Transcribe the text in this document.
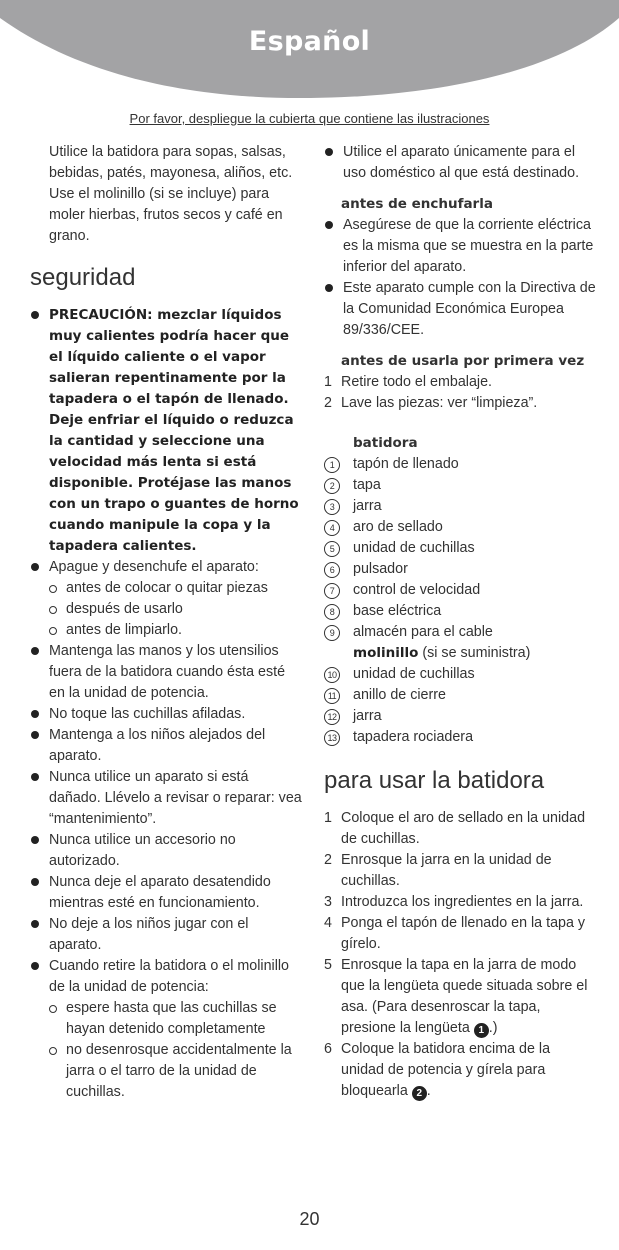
Español
Por favor, despliegue la cubierta que contiene las ilustraciones
Utilice la batidora para sopas, salsas, bebidas, patés, mayonesa, aliños, etc. Use el molinillo (si se incluye) para moler hierbas, frutos secos y café en grano.
seguridad
PRECAUCIÓN: mezclar líquidos muy calientes podría hacer que el líquido caliente o el vapor salieran repentinamente por la tapadera o el tapón de llenado. Deje enfriar el líquido o reduzca la cantidad y seleccione una velocidad más lenta si está disponible. Protéjase las manos con un trapo o guantes de horno cuando manipule la copa y la tapadera calientes.
Apague y desenchufe el aparato:
antes de colocar o quitar piezas
después de usarlo
antes de limpiarlo.
Mantenga las manos y los utensilios fuera de la batidora cuando ésta esté en la unidad de potencia.
No toque las cuchillas afiladas.
Mantenga a los niños alejados del aparato.
Nunca utilice un aparato si está dañado. Llévelo a revisar o reparar: vea “mantenimiento”.
Nunca utilice un accesorio no autorizado.
Nunca deje el aparato desatendido mientras esté en funcionamiento.
No deje a los niños jugar con el aparato.
Cuando retire la batidora o el molinillo de la unidad de potencia:
espere hasta que las cuchillas se hayan detenido completamente
no desenrosque accidentalmente la jarra o el tarro de la unidad de cuchillas.
Utilice el aparato únicamente para el uso doméstico al que está destinado.
antes de enchufarla
Asegúrese de que la corriente eléctrica es la misma que se muestra en la parte inferior del aparato.
Este aparato cumple con la Directiva de la Comunidad Económica Europea 89/336/CEE.
antes de usarla por primera vez
1 Retire todo el embalaje.
2 Lave las piezas: ver “limpieza”.
batidora
1	tapón de llenado
2	tapa
3	jarra
4	aro de sellado
5	unidad de cuchillas
6	pulsador
7	control de velocidad
8	base eléctrica
9	almacén para el cable
molinillo (si se suministra)
10 unidad de cuchillas
11 anillo de cierre
12 jarra
13 tapadera rociadera
para usar la batidora
1 Coloque el aro de sellado en la unidad de cuchillas.
2 Enrosque la jarra en la unidad de cuchillas.
3 Introduzca los ingredientes en la jarra.
4 Ponga el tapón de llenado en la tapa y gírelo.
5 Enrosque la tapa en la jarra de modo que la lengüeta quede situada sobre el asa. (Para desenroscar la tapa, presione la lengüeta 1 .)
6 Coloque la batidora encima de la unidad de potencia y gírela para bloquearla 2 .
20
